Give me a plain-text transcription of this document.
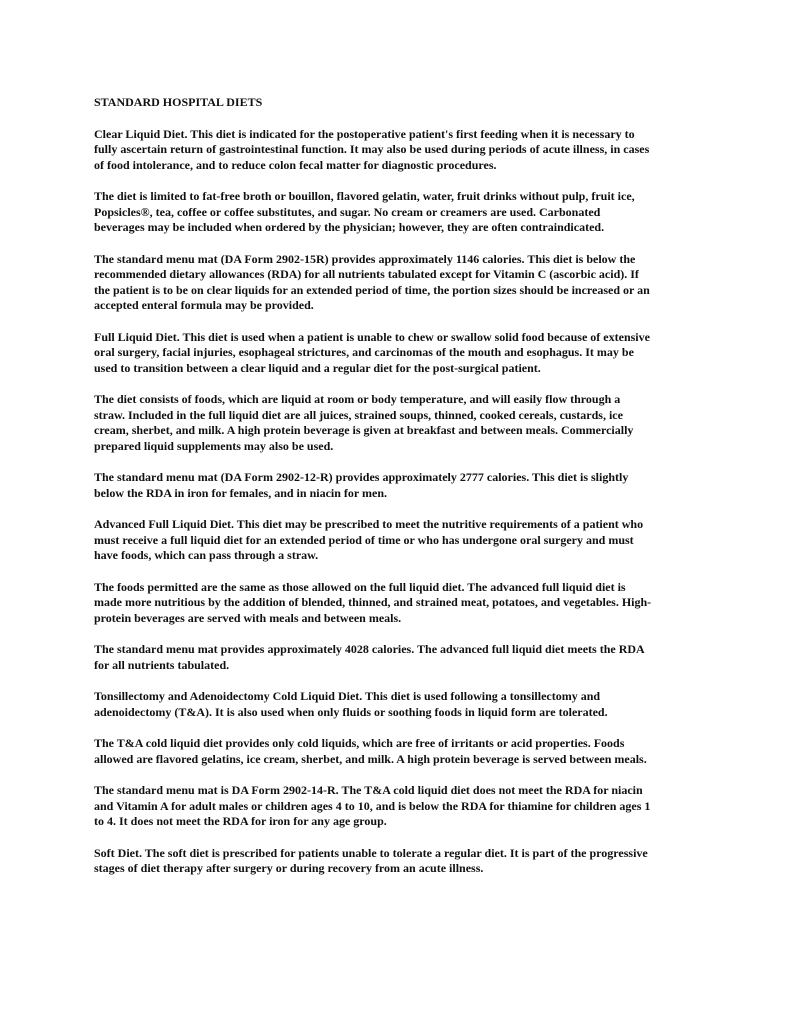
STANDARD HOSPITAL DIETS
Clear Liquid Diet. This diet is indicated for the postoperative patient's first feeding when it is necessary to
fully ascertain return of gastrointestinal function. It may also be used during periods of acute illness, in cases
of food intolerance, and to reduce colon fecal matter for diagnostic procedures.
The diet is limited to fat-free broth or bouillon, flavored gelatin, water, fruit drinks without pulp, fruit ice,
Popsicles®, tea, coffee or coffee substitutes, and sugar. No cream or creamers are used. Carbonated
beverages may be included when ordered by the physician; however, they are often contraindicated.
The standard menu mat (DA Form 2902-15R) provides approximately 1146 calories. This diet is below the
recommended dietary allowances (RDA) for all nutrients tabulated except for Vitamin C (ascorbic acid). If
the patient is to be on clear liquids for an extended period of time, the portion sizes should be increased or an
accepted enteral formula may be provided.
Full Liquid Diet. This diet is used when a patient is unable to chew or swallow solid food because of extensive
oral surgery, facial injuries, esophageal strictures, and carcinomas of the mouth and esophagus. It may be
used to transition between a clear liquid and a regular diet for the post-surgical patient.
The diet consists of foods, which are liquid at room or body temperature, and will easily flow through a
straw. Included in the full liquid diet are all juices, strained soups, thinned, cooked cereals, custards, ice
cream, sherbet, and milk. A high protein beverage is given at breakfast and between meals. Commercially
prepared liquid supplements may also be used.
The standard menu mat (DA Form 2902-12-R) provides approximately 2777 calories. This diet is slightly
below the RDA in iron for females, and in niacin for men.
Advanced Full Liquid Diet. This diet may be prescribed to meet the nutritive requirements of a patient who
must receive a full liquid diet for an extended period of time or who has undergone oral surgery and must
have foods, which can pass through a straw.
The foods permitted are the same as those allowed on the full liquid diet. The advanced full liquid diet is
made more nutritious by the addition of blended, thinned, and strained meat, potatoes, and vegetables. High-
protein beverages are served with meals and between meals.
The standard menu mat provides approximately 4028 calories. The advanced full liquid diet meets the RDA
for all nutrients tabulated.
Tonsillectomy and Adenoidectomy Cold Liquid Diet. This diet is used following a tonsillectomy and
adenoidectomy (T&A). It is also used when only fluids or soothing foods in liquid form are tolerated.
The T&A cold liquid diet provides only cold liquids, which are free of irritants or acid properties. Foods
allowed are flavored gelatins, ice cream, sherbet, and milk. A high protein beverage is served between meals.
The standard menu mat is DA Form 2902-14-R. The T&A cold liquid diet does not meet the RDA for niacin
and Vitamin A for adult males or children ages 4 to 10, and is below the RDA for thiamine for children ages 1
to 4. It does not meet the RDA for iron for any age group.
Soft Diet. The soft diet is prescribed for patients unable to tolerate a regular diet. It is part of the progressive
stages of diet therapy after surgery or during recovery from an acute illness.
